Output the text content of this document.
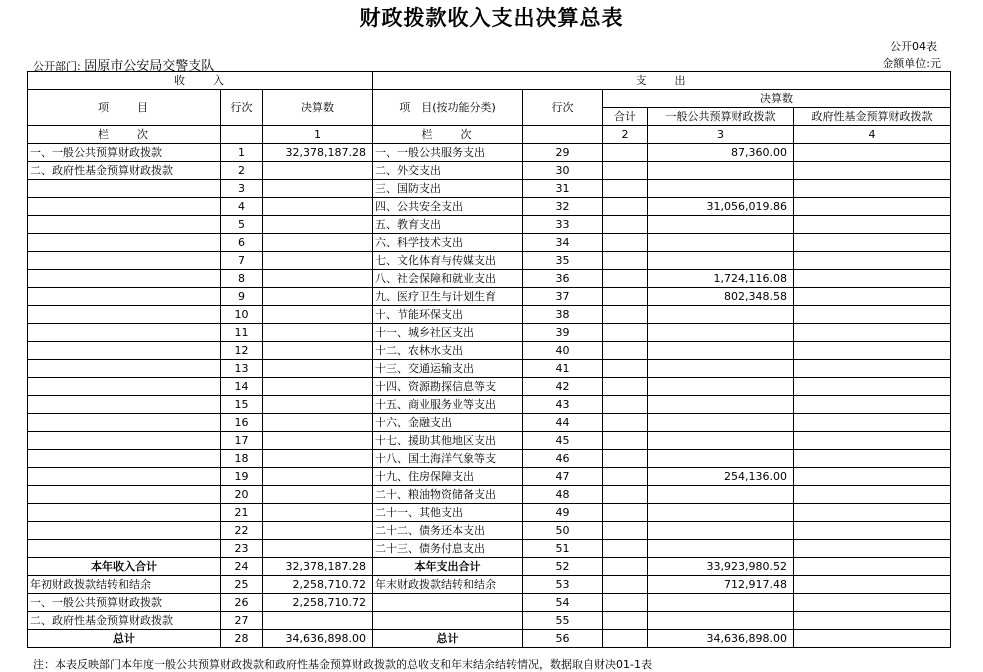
财政拨款收入支出决算总表
公开04表
公开部门: 固原市公安局交警支队	金额单位:元
收　　入			支　　出				
项　　目	行次	决算数	项　目(按功能分类)	行次	决算数		
					合计	一般公共预算财政拨款	政府性基金预算财政拨款
栏　　次		1	栏　　次		2	3	4
一、一般公共预算财政拨款	1	32,378,187.28	一、一般公共服务支出	29		87,360.00	
二、政府性基金预算财政拨款	2		二、外交支出	30			
	3		三、国防支出	31			
	4		四、公共安全支出	32		31,056,019.86	
	5		五、教育支出	33			
	6		六、科学技术支出	34			
	7		七、文化体育与传媒支出	35			
	8		八、社会保障和就业支出	36		1,724,116.08	
	9		九、医疗卫生与计划生育	37		802,348.58	
	10		十、节能环保支出	38			
	11		十一、城乡社区支出	39			
	12		十二、农林水支出	40			
	13		十三、交通运输支出	41			
	14		十四、资源勘探信息等支	42			
	15		十五、商业服务业等支出	43			
	16		十六、金融支出	44			
	17		十七、援助其他地区支出	45			
	18		十八、国土海洋气象等支	46			
	19		十九、住房保障支出	47		254,136.00	
	20		二十、粮油物资储备支出	48			
	21		二十一、其他支出	49			
	22		二十二、债务还本支出	50			
	23		二十三、债务付息支出	51			
本年收入合计	24	32,378,187.28	本年支出合计	52		33,923,980.52	
年初财政拨款结转和结余	25	2,258,710.72	年末财政拨款结转和结余	53		712,917.48	
一、一般公共预算财政拨款	26	2,258,710.72		54			
二、政府性基金预算财政拨款	27			55			
总计	28	34,636,898.00	总计	56		34,636,898.00	
注：本表反映部门本年度一般公共预算财政拨款和政府性基金预算财政拨款的总收支和年末结余结转情况，数据取自财决01-1表
